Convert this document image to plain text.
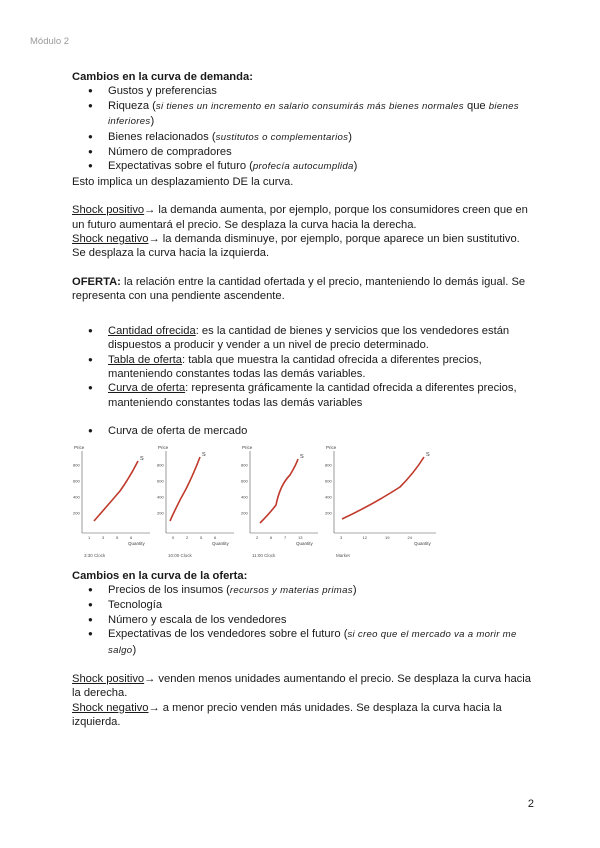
Módulo 2

Cambios en la curva de demanda:

● Gustos y preferencias
● Riqueza (si tienes un incremento en salario consumirás más bienes normales que bienes inferiores)
● Bienes relacionados (sustitutos o complementarios)
● Número de compradores
● Expectativas sobre el futuro (profecía autocumplida)

Esto implica un desplazamiento DE la curva.

Shock positivo→ la demanda aumenta, por ejemplo, porque los consumidores creen que en un futuro aumentará el precio. Se desplaza la curva hacia la derecha.

Shock negativo→ la demanda disminuye, por ejemplo, porque aparece un bien sustitutivo. Se desplaza la curva hacia la izquierda.

OFERTA: la relación entre la cantidad ofertada y el precio, manteniendo lo demás igual. Se representa con una pendiente ascendente.

● Cantidad ofrecida: es la cantidad de bienes y servicios que los vendedores están dispuestos a producir y vender a un nivel de precio determinado.
● Tabla de oferta: tabla que muestra la cantidad ofrecida a diferentes precios, manteniendo constantes todas las demás variables.
● Curva de oferta: representa gráficamente la cantidad ofrecida a diferentes precios, manteniendo constantes todas las demás variables
● Curva de oferta de mercado
Price
800
600
400
200
1	3	5	6
Quantity
S
3:30 Clock
Price
800
600
400
200
0	2	5	6
Quantity
S
10:00 Clock
Price
800
600
400
200
2	6	7	13
Quantity
S
11:00 Clock
Price
800
600
400
200
3	12	19	24
Quantity
S
Market

Cambios en la curva de la oferta:

● Precios de los insumos (recursos y materias primas)
● Tecnología
● Número y escala de los vendedores
● Expectativas de los vendedores sobre el futuro (si creo que el mercado va a morir me salgo)

Shock positivo→ venden menos unidades aumentando el precio. Se desplaza la curva hacia la derecha.

Shock negativo→ a menor precio venden más unidades. Se desplaza la curva hacia la izquierda.

2
